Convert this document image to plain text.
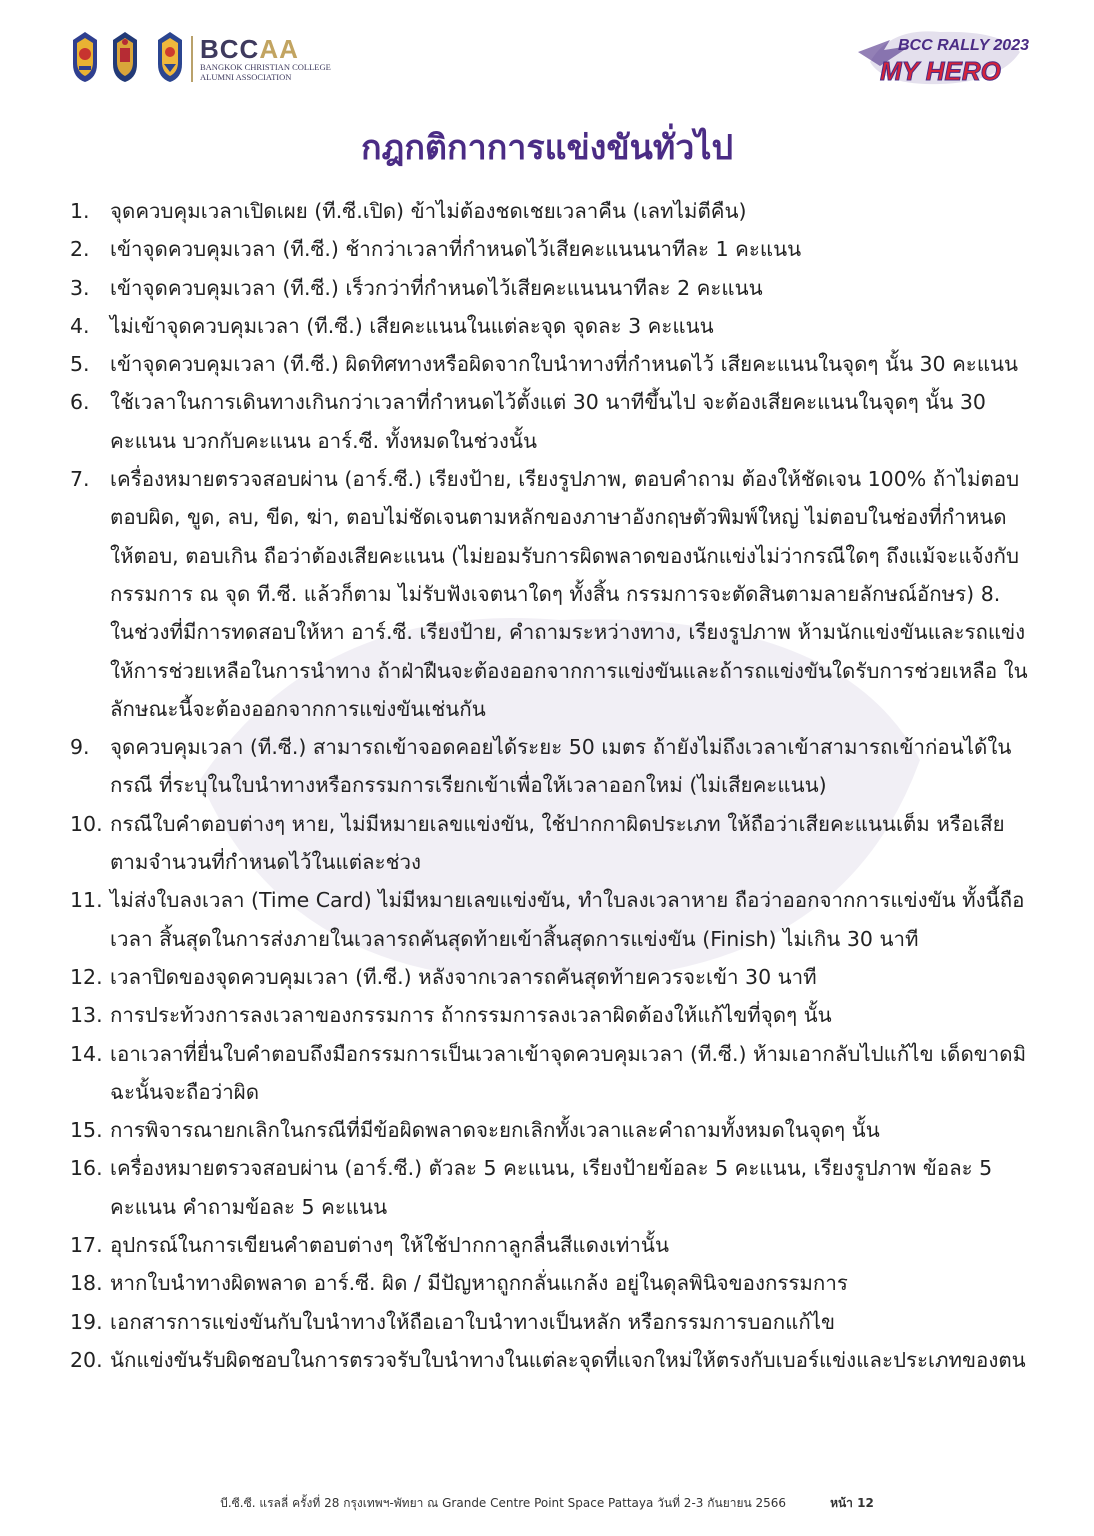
BCCAA
BANGKOK CHRISTIAN COLLEGE
ALUMNI ASSOCIATION
BCC RALLY 2023
MY HERO
กฎกติกาการแข่งขันทั่วไป
1. จุดควบคุมเวลาเปิดเผย (ที.ซี.เปิด) ข้าไม่ต้องชดเชยเวลาคืน (เลทไม่ตีคืน)
2. เข้าจุดควบคุมเวลา (ที.ซี.) ช้ากว่าเวลาที่กำหนดไว้เสียคะแนนนาทีละ 1 คะแนน
3. เข้าจุดควบคุมเวลา (ที.ซี.) เร็วกว่าที่กำหนดไว้เสียคะแนนนาทีละ 2 คะแนน
4. ไม่เข้าจุดควบคุมเวลา (ที.ซี.) เสียคะแนนในแต่ละจุด จุดละ 3 คะแนน
5. เข้าจุดควบคุมเวลา (ที.ซี.) ผิดทิศทางหรือผิดจากใบนำทางที่กำหนดไว้ เสียคะแนนในจุดๆ นั้น 30 คะแนน
6. ใช้เวลาในการเดินทางเกินกว่าเวลาที่กำหนดไว้ตั้งแต่ 30 นาทีขึ้นไป จะต้องเสียคะแนนในจุดๆ นั้น 30 คะแนน บวกกับคะแนน อาร์.ซี. ทั้งหมดในช่วงนั้น
7. เครื่องหมายตรวจสอบผ่าน (อาร์.ซี.) เรียงป้าย, เรียงรูปภาพ, ตอบคำถาม ต้องให้ชัดเจน 100% ถ้าไม่ตอบ ตอบผิด, ขูด, ลบ, ขีด, ฆ่า, ตอบไม่ชัดเจนตามหลักของภาษาอังกฤษตัวพิมพ์ใหญ่ ไม่ตอบในช่องที่กำหนด ให้ตอบ, ตอบเกิน ถือว่าต้องเสียคะแนน (ไม่ยอมรับการผิดพลาดของนักแข่งไม่ว่ากรณีใดๆ ถึงแม้จะแจ้งกับ กรรมการ ณ จุด ที.ซี. แล้วก็ตาม ไม่รับฟังเจตนาใดๆ ทั้งสิ้น กรรมการจะตัดสินตามลายลักษณ์อักษร) 8. ในช่วงที่มีการทดสอบให้หา อาร์.ซี. เรียงป้าย, คำถามระหว่างทาง, เรียงรูปภาพ ห้ามนักแข่งขันและรถแข่ง ให้การช่วยเหลือในการนำทาง ถ้าฝ่าฝืนจะต้องออกจากการแข่งขันและถ้ารถแข่งขันใดรับการช่วยเหลือ ในลักษณะนี้จะต้องออกจากการแข่งขันเช่นกัน
9. จุดควบคุมเวลา (ที.ซี.) สามารถเข้าจอดคอยได้ระยะ 50 เมตร ถ้ายังไม่ถึงเวลาเข้าสามารถเข้าก่อนได้ในกรณี ที่ระบุในใบนำทางหรือกรรมการเรียกเข้าเพื่อให้เวลาออกใหม่ (ไม่เสียคะแนน)
10. กรณีใบคำตอบต่างๆ หาย, ไม่มีหมายเลขแข่งขัน, ใช้ปากกาผิดประเภท ให้ถือว่าเสียคะแนนเต็ม หรือเสีย ตามจำนวนที่กำหนดไว้ในแต่ละช่วง
11. ไม่ส่งใบลงเวลา (Time Card) ไม่มีหมายเลขแข่งขัน, ทำใบลงเวลาหาย ถือว่าออกจากการแข่งขัน ทั้งนี้ถือเวลา สิ้นสุดในการส่งภายในเวลารถคันสุดท้ายเข้าสิ้นสุดการแข่งขัน (Finish) ไม่เกิน 30 นาที
12. เวลาปิดของจุดควบคุมเวลา (ที.ซี.) หลังจากเวลารถคันสุดท้ายควรจะเข้า 30 นาที
13. การประท้วงการลงเวลาของกรรมการ ถ้ากรรมการลงเวลาผิดต้องให้แก้ไขที่จุดๆ นั้น
14. เอาเวลาที่ยื่นใบคำตอบถึงมือกรรมการเป็นเวลาเข้าจุดควบคุมเวลา (ที.ซี.) ห้ามเอากลับไปแก้ไข เด็ดขาดมิฉะนั้นจะถือว่าผิด
15. การพิจารณายกเลิกในกรณีที่มีข้อผิดพลาดจะยกเลิกทั้งเวลาและคำถามทั้งหมดในจุดๆ นั้น
16. เครื่องหมายตรวจสอบผ่าน (อาร์.ซี.) ตัวละ 5 คะแนน, เรียงป้ายข้อละ 5 คะแนน, เรียงรูปภาพ ข้อละ 5 คะแนน คำถามข้อละ 5 คะแนน
17. อุปกรณ์ในการเขียนคำตอบต่างๆ ให้ใช้ปากกาลูกลื่นสีแดงเท่านั้น
18. หากใบนำทางผิดพลาด อาร์.ซี. ผิด / มีปัญหาถูกกลั่นแกล้ง อยู่ในดุลพินิจของกรรมการ
19. เอกสารการแข่งขันกับใบนำทางให้ถือเอาใบนำทางเป็นหลัก หรือกรรมการบอกแก้ไข
20. นักแข่งขันรับผิดชอบในการตรวจรับใบนำทางในแต่ละจุดที่แจกใหม่ให้ตรงกับเบอร์แข่งและประเภทของตน
บี.ซี.ซี. แรลลี่ ครั้งที่ 28 กรุงเทพฯ-พัทยา ณ Grande Centre Point Space Pattaya วันที่ 2-3 กันยายน 2566	หน้า 12
